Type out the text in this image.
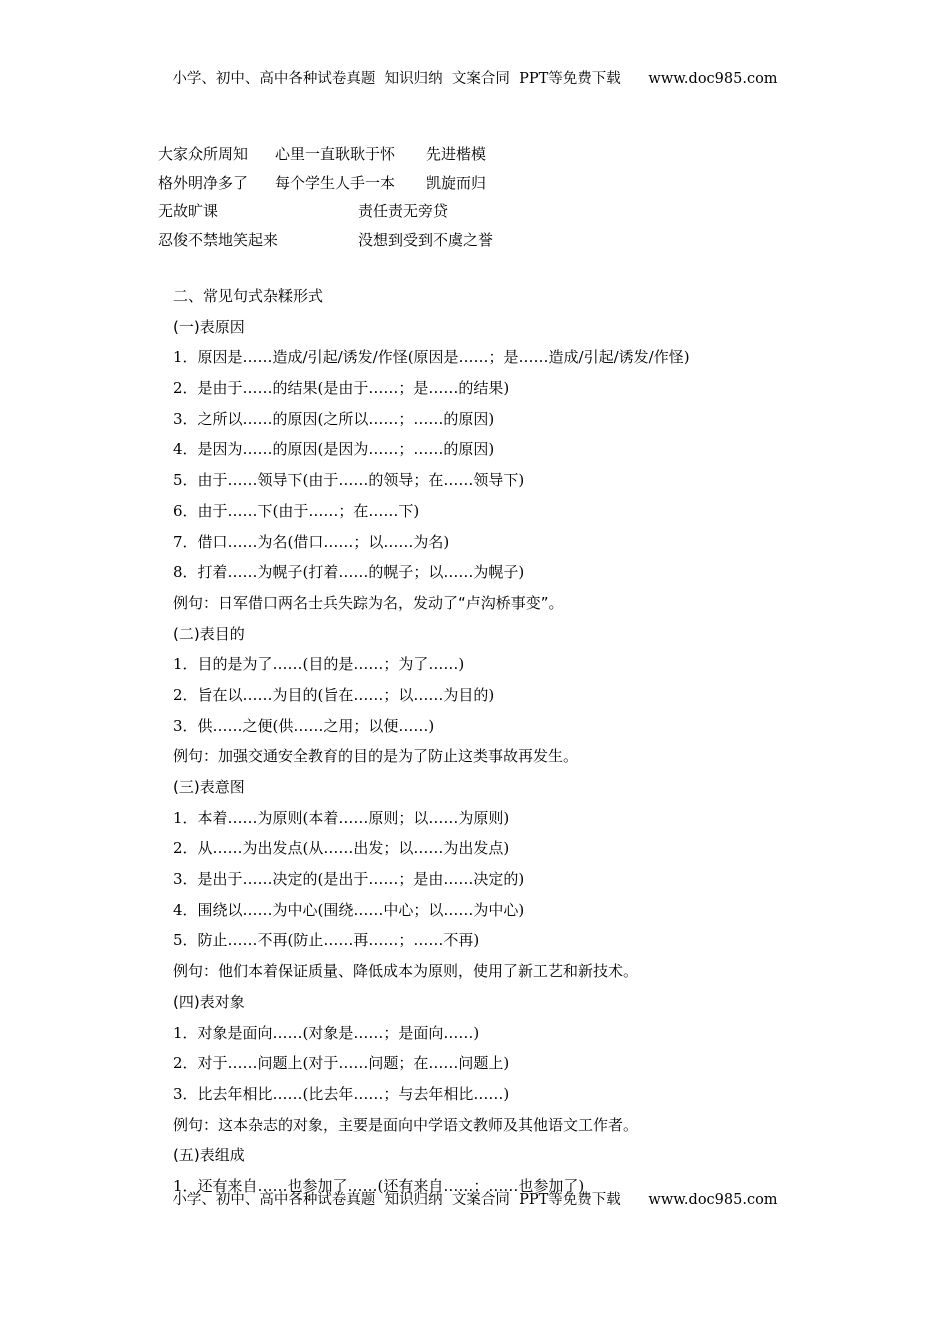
小学、初中、高中各种试卷真题  知识归纳  文案合同  PPT等免费下载      www.doc985.com
大家众所周知 心里一直耿耿于怀 先进楷模
格外明净多了 每个学生人手一本 凯旋而归
无故旷课	责任责无旁贷
忍俊不禁地笑起来	没想到受到不虞之誉
二、常见句式杂糅形式
(一)表原因
1．原因是……造成/引起/诱发/作怪(原因是……；是……造成/引起/诱发/作怪)
2．是由于……的结果(是由于……；是……的结果)
3．之所以……的原因(之所以……；……的原因)
4．是因为……的原因(是因为……；……的原因)
5．由于……领导下(由于……的领导；在……领导下)
6．由于……下(由于……；在……下)
7．借口……为名(借口……；以……为名)
8．打着……为幌子(打着……的幌子；以……为幌子)
例句：日军借口两名士兵失踪为名，发动了“卢沟桥事变”。
(二)表目的
1．目的是为了……(目的是……；为了……)
2．旨在以……为目的(旨在……；以……为目的)
3．供……之便(供……之用；以便……)
例句：加强交通安全教育的目的是为了防止这类事故再发生。
(三)表意图
1．本着……为原则(本着……原则；以……为原则)
2．从……为出发点(从……出发；以……为出发点)
3．是出于……决定的(是出于……；是由……决定的)
4．围绕以……为中心(围绕……中心；以……为中心)
5．防止……不再(防止……再……；……不再)
例句：他们本着保证质量、降低成本为原则，使用了新工艺和新技术。
(四)表对象
1．对象是面向……(对象是……；是面向……)
2．对于……问题上(对于……问题；在……问题上)
3．比去年相比……(比去年……；与去年相比……)
例句：这本杂志的对象，主要是面向中学语文教师及其他语文工作者。
(五)表组成
1．还有来自……也参加了……(还有来自……；……也参加了)
小学、初中、高中各种试卷真题  知识归纳  文案合同  PPT等免费下载      www.doc985.com
